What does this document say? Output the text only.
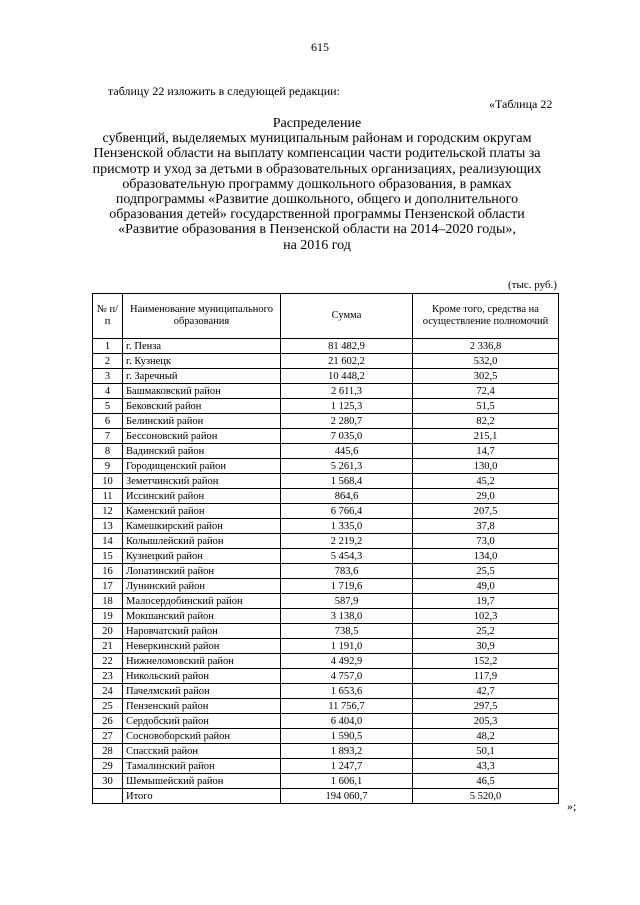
615
таблицу 22 изложить в следующей редакции:
«Таблица 22
Распределение
субвенций, выделяемых муниципальным районам и городским округам
Пензенской области на выплату компенсации части родительской платы за
присмотр и уход за детьми в образовательных организациях, реализующих
образовательную программу дошкольного образования, в рамках
подпрограммы «Развитие дошкольного, общего и дополнительного
образования детей» государственной программы Пензенской области
«Развитие образования в Пензенской области на 2014–2020 годы»,
на 2016 год
(тыс. руб.)
№ п/п	Наименование муниципального образования	Сумма	Кроме того, средства на осуществление полномочий
1	г. Пенза	81 482,9	2 336,8
2	г. Кузнецк	21 602,2	532,0
3	г. Заречный	10 448,2	302,5
4	Башмаковский район	2 611,3	72,4
5	Бековский район	1 125,3	51,5
6	Белинский район	2 280,7	82,2
7	Бессоновский район	7 035,0	215,1
8	Вадинский район	445,6	14,7
9	Городищенский район	5 261,3	130,0
10	Земетчинский район	1 568,4	45,2
11	Иссинский район	864,6	29,0
12	Каменский район	6 766,4	207,5
13	Камешкирский район	1 335,0	37,8
14	Колышлейский район	2 219,2	73,0
15	Кузнецкий район	5 454,3	134,0
16	Лопатинский район	783,6	25,5
17	Лунинский район	1 719,6	49,0
18	Малосердобинский район	587,9	19,7
19	Мокшанский район	3 138,0	102,3
20	Наровчатский район	738,5	25,2
21	Неверкинский район	1 191,0	30,9
22	Нижнеломовский район	4 492,9	152,2
23	Никольский район	4 757,0	117,9
24	Пачелмский район	1 653,6	42,7
25	Пензенский район	11 756,7	297,5
26	Сердобский район	6 404,0	205,3
27	Сосновоборский район	1 590,5	48,2
28	Спасский район	1 893,2	50,1
29	Тамалинский район	1 247,7	43,3
30	Шемышейский район	1 606,1	46,5
	Итого	194 060,7	5 520,0
»;
